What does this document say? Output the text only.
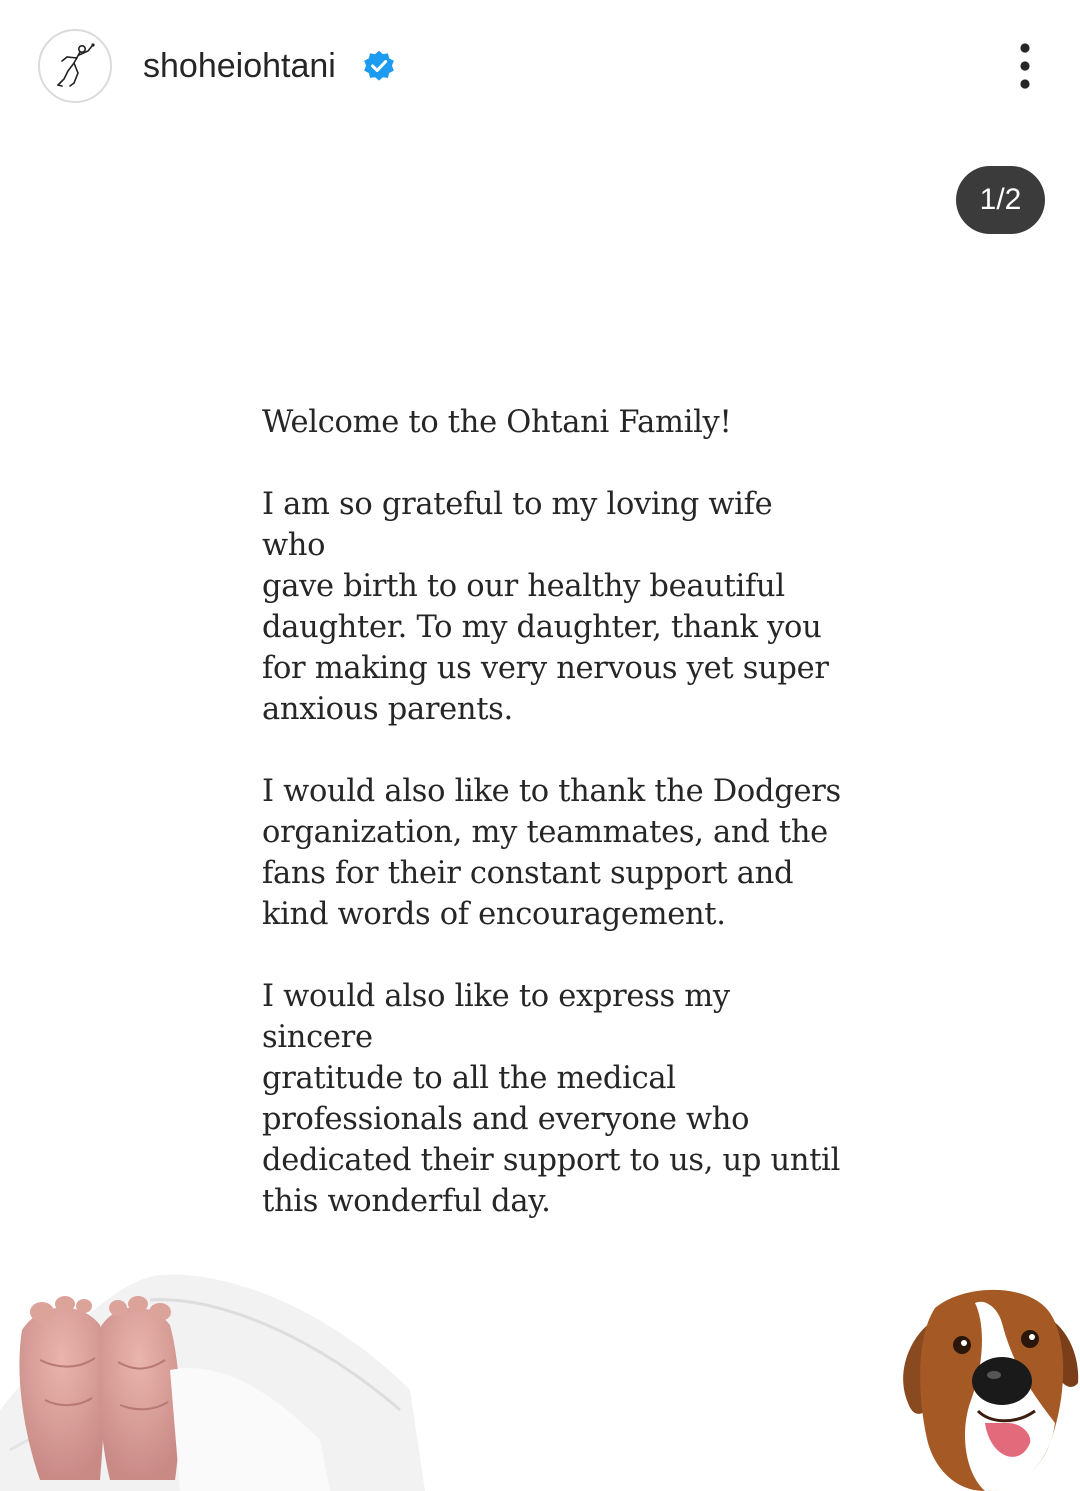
shoheiohtani
1/2

Welcome to the Ohtani Family!

I am so grateful to my loving wife who
gave birth to our healthy beautiful
daughter. To my daughter, thank you
for making us very nervous yet super
anxious parents.

I would also like to thank the Dodgers
organization, my teammates, and the
fans for their constant support and
kind words of encouragement.

I would also like to express my sincere
gratitude to all the medical
professionals and everyone who
dedicated their support to us, up until
this wonderful day.
